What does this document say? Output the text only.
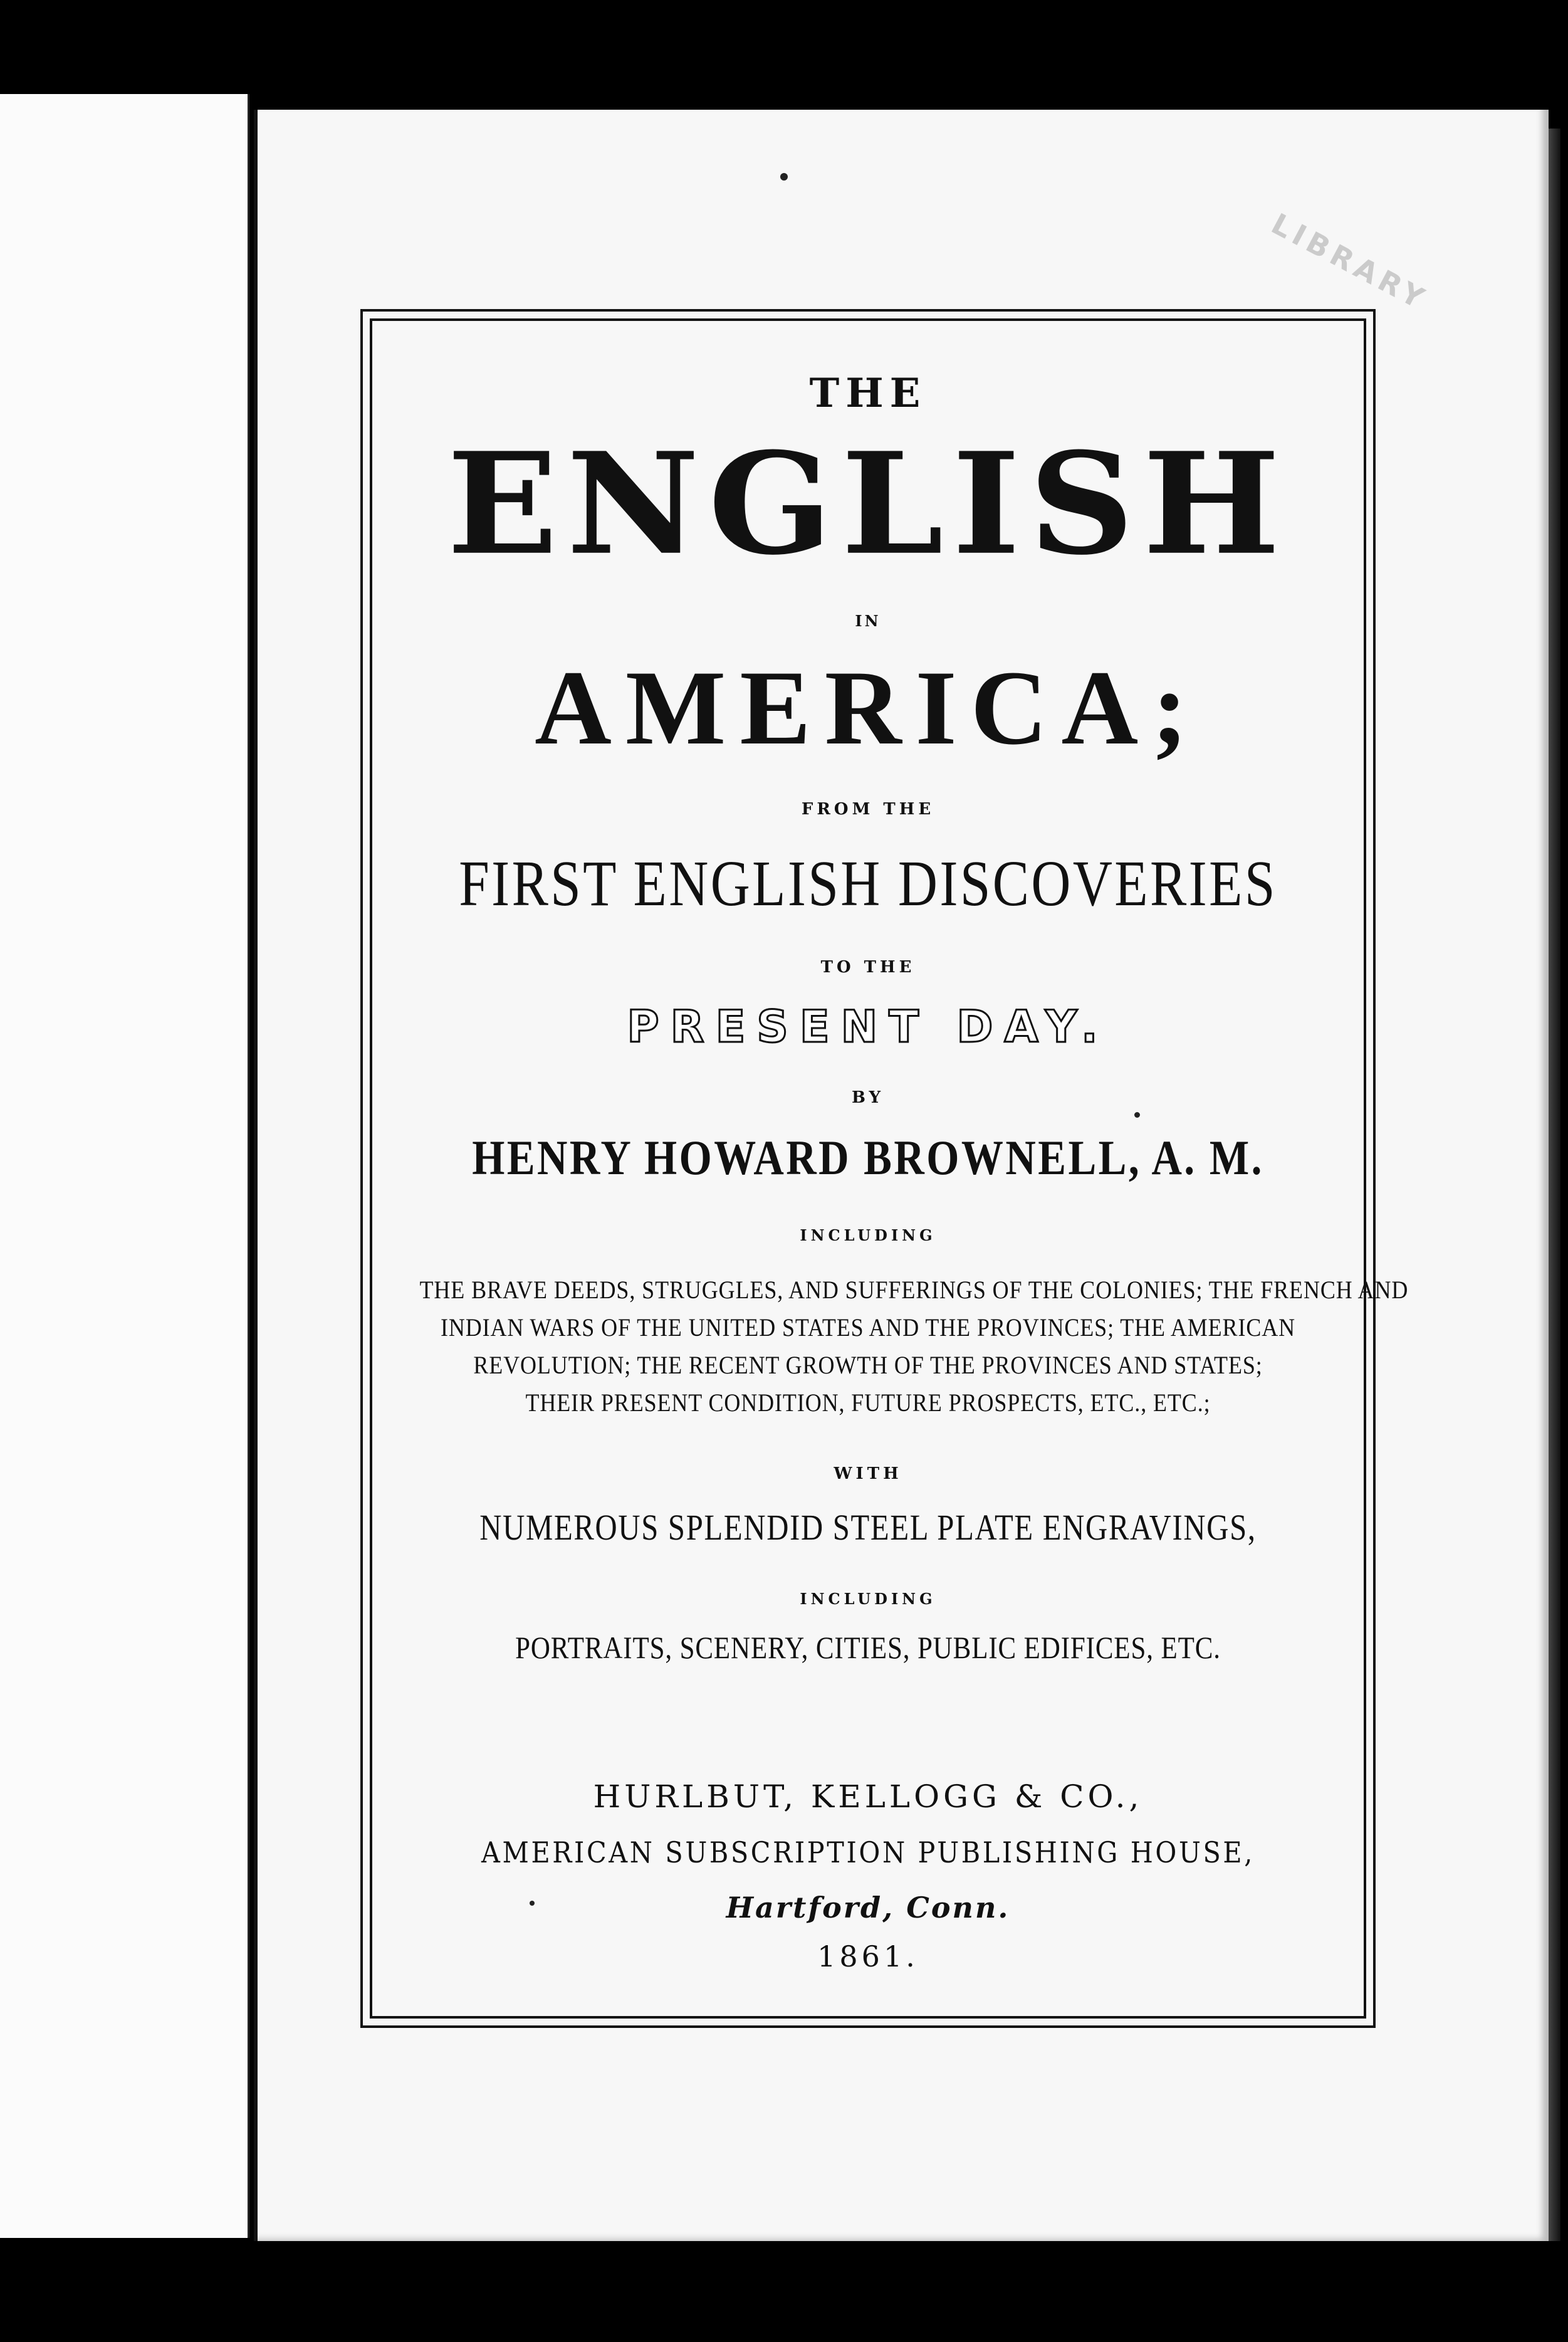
LIBRARY
THE
ENGLISH
IN
AMERICA;
FROM THE
FIRST ENGLISH DISCOVERIES
TO THE
PRESENT DAY.
BY
HENRY HOWARD BROWNELL, A. M.
INCLUDING
THE BRAVE DEEDS, STRUGGLES, AND SUFFERINGS OF THE COLONIES; THE FRENCH AND
INDIAN WARS OF THE UNITED STATES AND THE PROVINCES; THE AMERICAN
REVOLUTION; THE RECENT GROWTH OF THE PROVINCES AND STATES;
THEIR PRESENT CONDITION, FUTURE PROSPECTS, ETC., ETC.;
WITH
NUMEROUS SPLENDID STEEL PLATE ENGRAVINGS,
INCLUDING
PORTRAITS, SCENERY, CITIES, PUBLIC EDIFICES, ETC.
HURLBUT, KELLOGG & CO.,
AMERICAN SUBSCRIPTION PUBLISHING HOUSE,
Hartford, Conn.
1861.
